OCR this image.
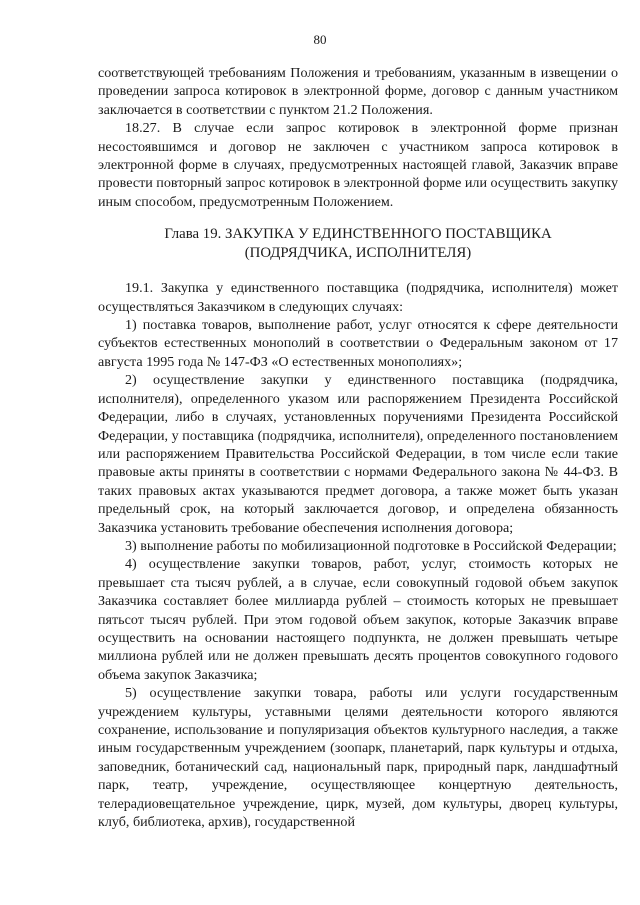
80

соответствующей требованиям Положения и требованиям, указанным в извещении о проведении запроса котировок в электронной форме, договор с данным участником заключается в соответствии с пунктом 21.2 Положения.

18.27. В случае если запрос котировок в электронной форме признан несостоявшимся и договор не заключен с участником запроса котировок в электронной форме в случаях, предусмотренных настоящей главой, Заказчик вправе провести повторный запрос котировок в электронной форме или осуществить закупку иным способом, предусмотренным Положением.

Глава 19. ЗАКУПКА У ЕДИНСТВЕННОГО ПОСТАВЩИКА
(ПОДРЯДЧИКА, ИСПОЛНИТЕЛЯ)

19.1. Закупка у единственного поставщика (подрядчика, исполнителя) может осуществляться Заказчиком в следующих случаях:

1) поставка товаров, выполнение работ, услуг относятся к сфере деятельности субъектов естественных монополий в соответствии о Федеральным законом от 17 августа 1995 года № 147-ФЗ «О естественных монополиях»;

2) осуществление закупки у единственного поставщика (подрядчика, исполнителя), определенного указом или распоряжением Президента Российской Федерации, либо в случаях, установленных поручениями Президента Российской Федерации, у поставщика (подрядчика, исполнителя), определенного постановлением или распоряжением Правительства Российской Федерации, в том числе если такие правовые акты приняты в соответствии с нормами Федерального закона № 44-ФЗ. В таких правовых актах указываются предмет договора, а также может быть указан предельный срок, на который заключается договор, и определена обязанность Заказчика установить требование обеспечения исполнения договора;

3) выполнение работы по мобилизационной подготовке в Российской Федерации;

4) осуществление закупки товаров, работ, услуг, стоимость которых не превышает ста тысяч рублей, а в случае, если совокупный годовой объем закупок Заказчика составляет более миллиарда рублей – стоимость которых не превышает пятьсот тысяч рублей. При этом годовой объем закупок, которые Заказчик вправе осуществить на основании настоящего подпункта, не должен превышать четыре миллиона рублей или не должен превышать десять процентов совокупного годового объема закупок Заказчика;

5) осуществление закупки товара, работы или услуги государственным учреждением культуры, уставными целями деятельности которого являются сохранение, использование и популяризация объектов культурного наследия, а также иным государственным учреждением (зоопарк, планетарий, парк культуры и отдыха, заповедник, ботанический сад, национальный парк, природный парк, ландшафтный парк, театр, учреждение, осуществляющее концертную деятельность, телерадиовещательное учреждение, цирк, музей, дом культуры, дворец культуры, клуб, библиотека, архив), государственной
